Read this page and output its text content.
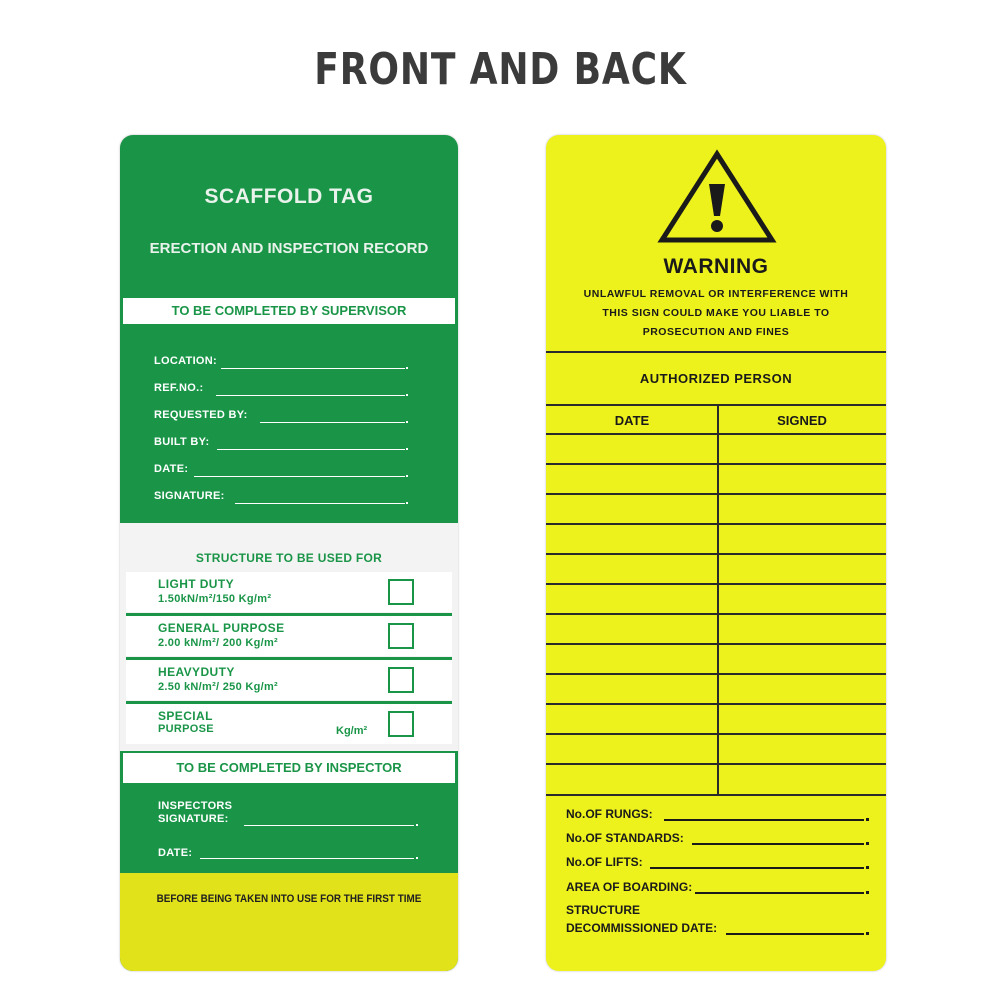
FRONT AND BACK
SCAFFOLD TAG
ERECTION AND INSPECTION RECORD
TO BE COMPLETED BY SUPERVISOR
LOCATION:
REF.NO.:
REQUESTED BY:
BUILT BY:
DATE:
SIGNATURE:
STRUCTURE TO BE USED FOR
LIGHT DUTY
1.50kN/m²/150 Kg/m²
GENERAL PURPOSE
2.00 kN/m²/ 200 Kg/m²
HEAVYDUTY
2.50 kN/m²/ 250 Kg/m²
SPECIAL
PURPOSE	Kg/m²
TO BE COMPLETED BY INSPECTOR
INSPECTORS
SIGNATURE:
DATE:
BEFORE BEING TAKEN INTO USE FOR THE FIRST TIME
WARNING
UNLAWFUL REMOVAL OR INTERFERENCE WITH
THIS SIGN COULD MAKE YOU LIABLE TO
PROSECUTION AND FINES
AUTHORIZED PERSON
DATE	SIGNED
No.OF RUNGS:
No.OF STANDARDS:
No.OF LIFTS:
AREA OF BOARDING:
STRUCTURE
DECOMMISSIONED DATE:
